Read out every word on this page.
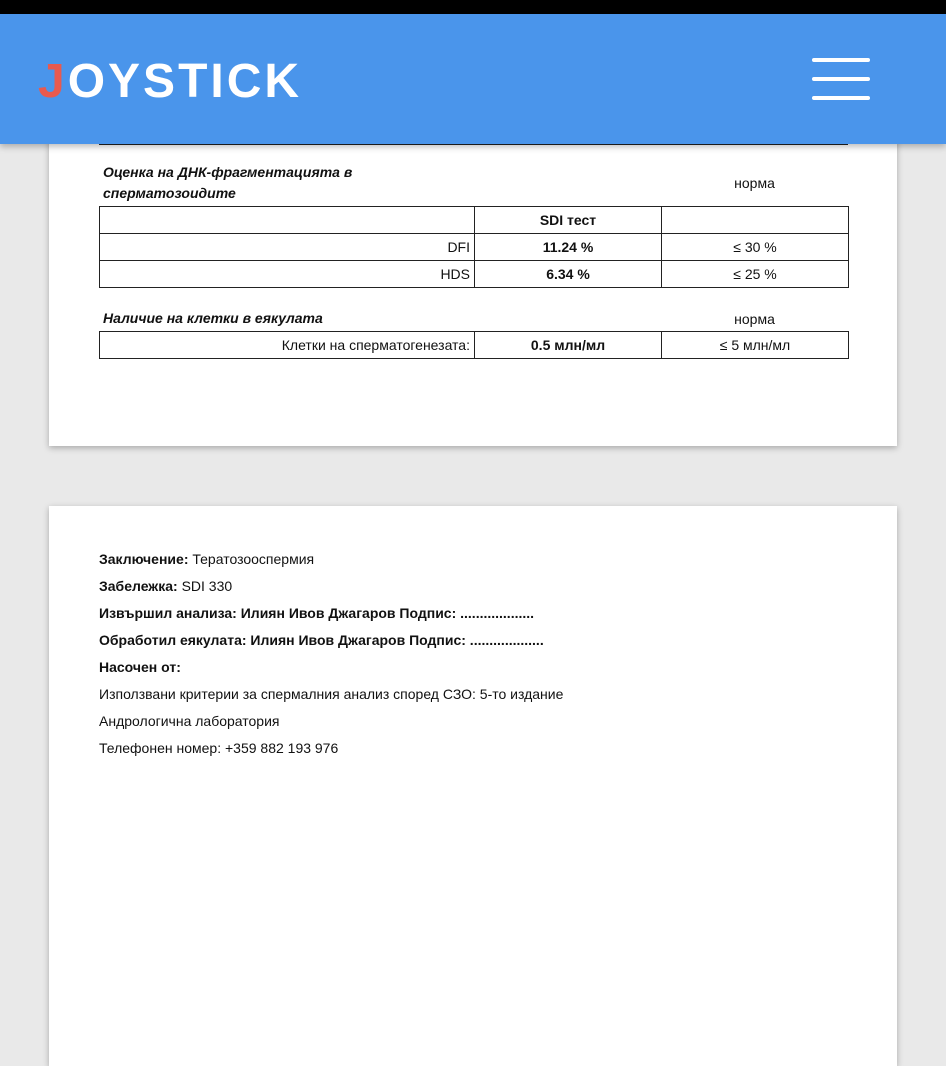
JOYSTICK
Оценка на ДНК-фрагментацията в
сперматозоидите
норма
	SDI тест	
DFI	11.24 %	≤ 30 %
HDS	6.34 %	≤ 25 %
Наличие на клетки в еякулата	норма
Клетки на сперматогенезата:	0.5 млн/мл	≤ 5 млн/мл
Заключение: Тератозооспермия
Забележка: SDI 330
Извършил анализа: Илиян Ивов Джагаров Подпис: ...................
Обработил еякулата: Илиян Ивов Джагаров Подпис: ...................
Насочен от:
Използвани критерии за спермалния анализ според СЗО: 5-то издание
Андрологична лаборатория
Телефонен номер: +359 882 193 976
